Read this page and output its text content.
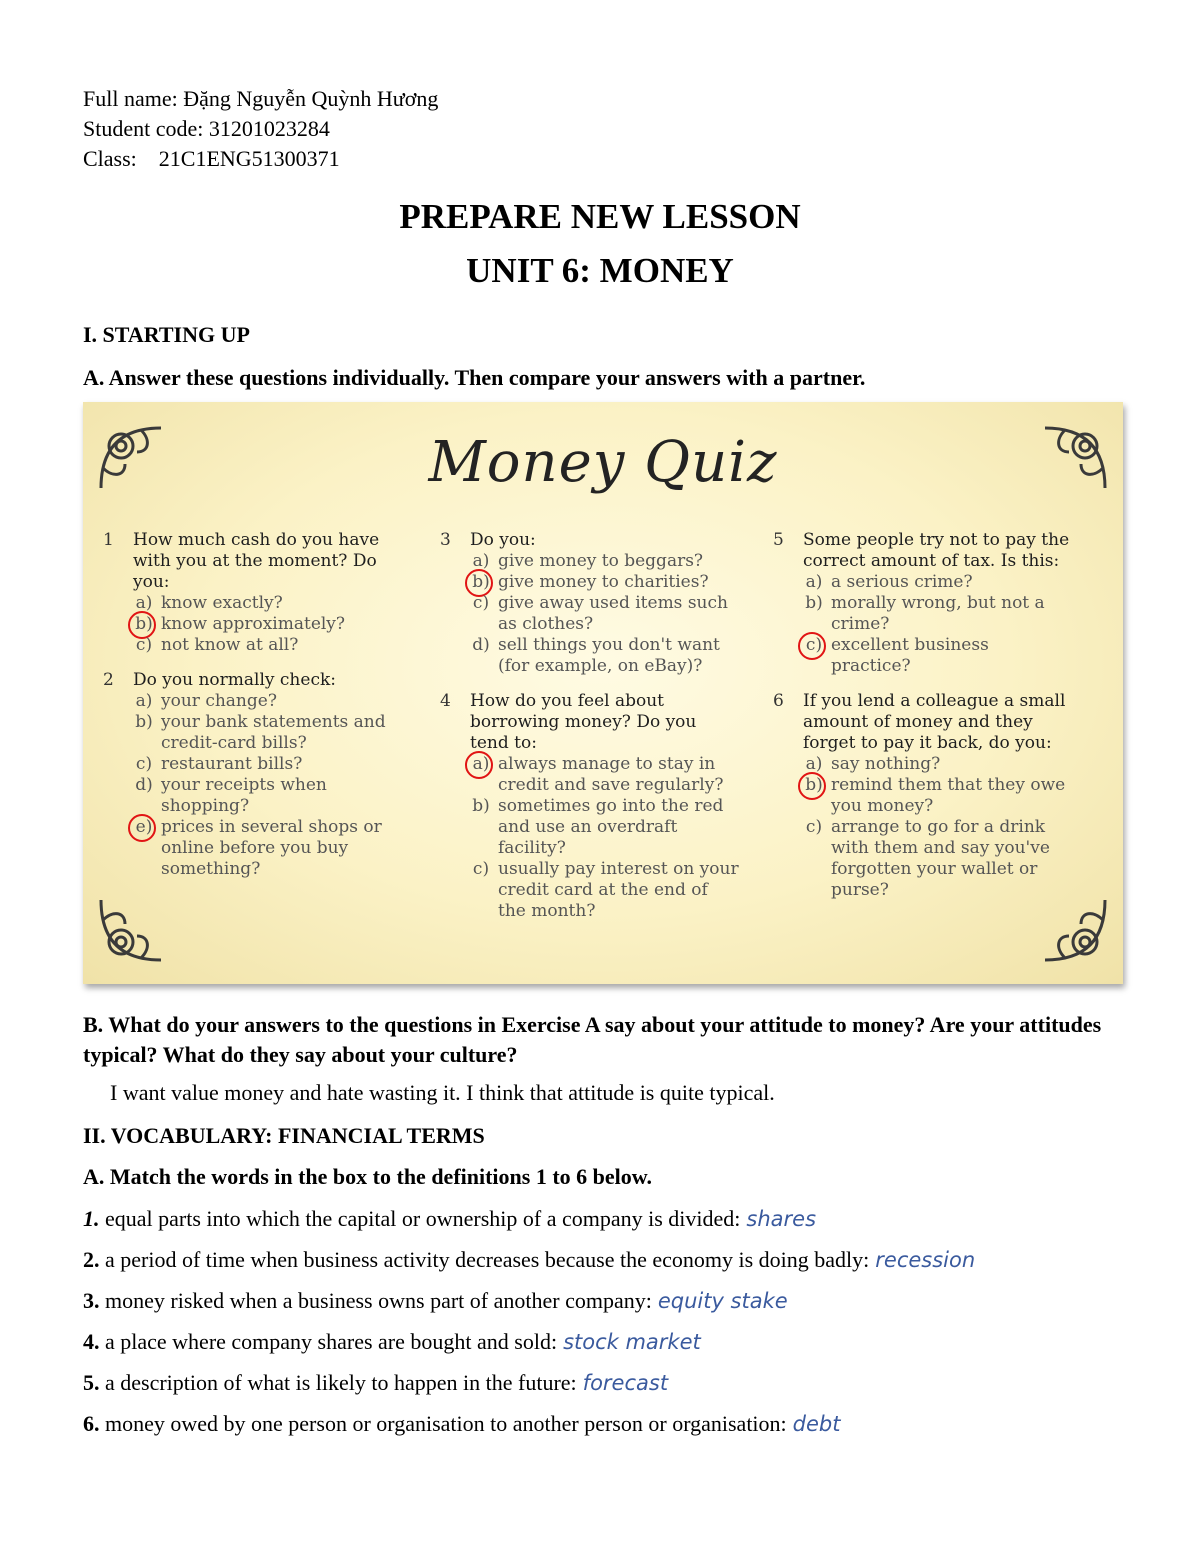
Full name: Đặng Nguyễn Quỳnh Hương
Student code: 31201023284
Class: 21C1ENG51300371
PREPARE NEW LESSON
UNIT 6: MONEY
I. STARTING UP
A. Answer these questions individually. Then compare your answers with a partner.
Money Quiz
1 How much cash do you have with you at the moment? Do you:
a) know exactly?
b) know approximately?
c) not know at all?
2 Do you normally check:
a) your change?
b) your bank statements and credit-card bills?
c) restaurant bills?
d) your receipts when shopping?
e) prices in several shops or online before you buy something?
3 Do you:
a) give money to beggars?
b) give money to charities?
c) give away used items such as clothes?
d) sell things you don't want (for example, on eBay)?
4 How do you feel about borrowing money? Do you tend to:
a) always manage to stay in credit and save regularly?
b) sometimes go into the red and use an overdraft facility?
c) usually pay interest on your credit card at the end of the month?
5 Some people try not to pay the correct amount of tax. Is this:
a) a serious crime?
b) morally wrong, but not a crime?
c) excellent business practice?
6 If you lend a colleague a small amount of money and they forget to pay it back, do you:
a) say nothing?
b) remind them that they owe you money?
c) arrange to go for a drink with them and say you've forgotten your wallet or purse?
B. What do your answers to the questions in Exercise A say about your attitude to money? Are your attitudes typical? What do they say about your culture?
I want value money and hate wasting it. I think that attitude is quite typical.
II. VOCABULARY: FINANCIAL TERMS
A. Match the words in the box to the definitions 1 to 6 below.
1. equal parts into which the capital or ownership of a company is divided: shares
2. a period of time when business activity decreases because the economy is doing badly: recession
3. money risked when a business owns part of another company: equity stake
4. a place where company shares are bought and sold: stock market
5. a description of what is likely to happen in the future: forecast
6. money owed by one person or organisation to another person or organisation: debt
